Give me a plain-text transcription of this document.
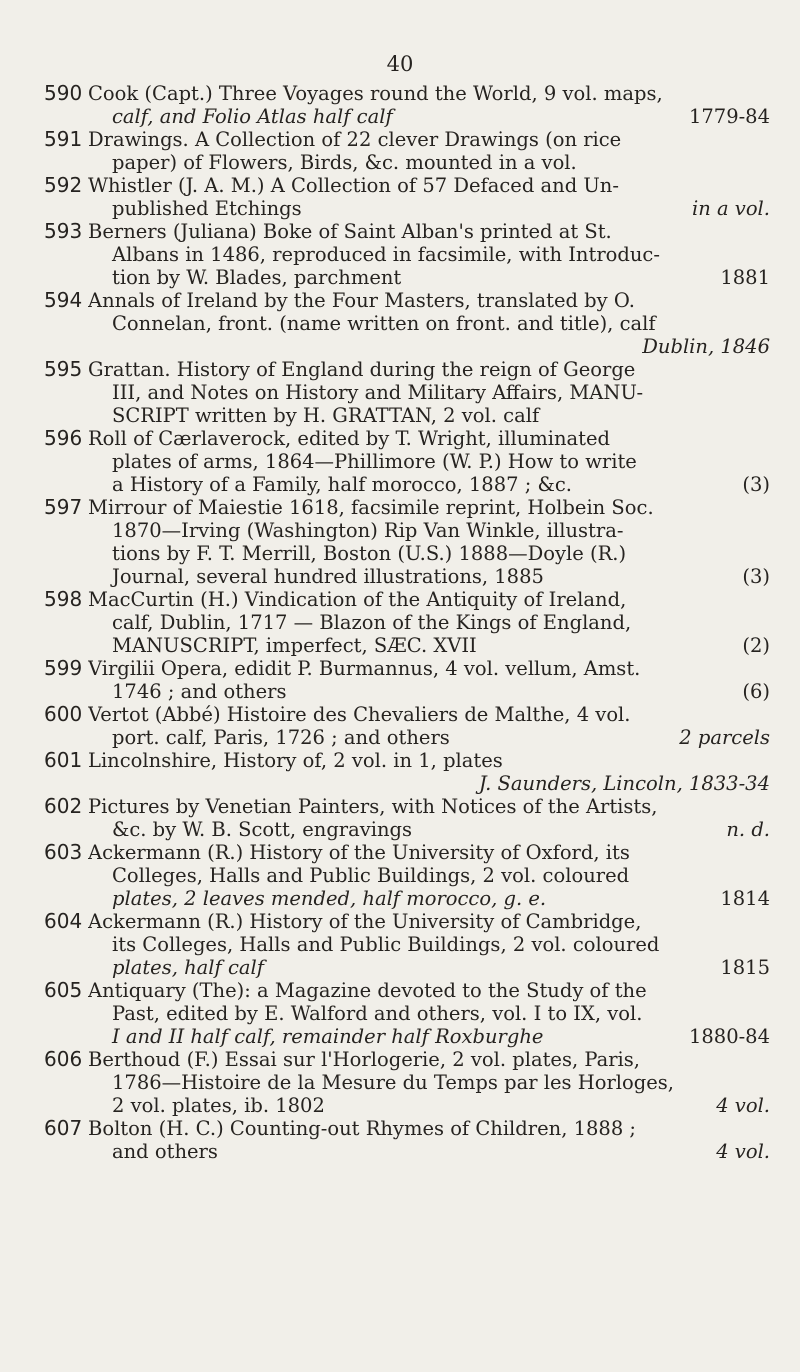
40
590 Cook (Capt.) Three Voyages round the World, 9 vol. maps,
calf, and Folio Atlas half calf	1779-84
591 Drawings. A Collection of 22 clever Drawings (on rice
paper) of Flowers, Birds, &c. mounted in a vol.
592 Whistler (J. A. M.) A Collection of 57 Defaced and Un-
published Etchings	in a vol.
593 Berners (Juliana) Boke of Saint Alban's printed at St.
Albans in 1486, reproduced in facsimile, with Introduc-
tion by W. Blades, parchment	1881
594 Annals of Ireland by the Four Masters, translated by O.
Connelan, front. (name written on front. and title), calf
Dublin, 1846
595 Grattan. History of England during the reign of George
III, and Notes on History and Military Affairs, MANU-
SCRIPT written by H. GRATTAN, 2 vol. calf
596 Roll of Cærlaverock, edited by T. Wright, illuminated
plates of arms, 1864—Phillimore (W. P.) How to write
a History of a Family, half morocco, 1887 ; &c.	(3)
597 Mirrour of Maiestie 1618, facsimile reprint, Holbein Soc.
1870—Irving (Washington) Rip Van Winkle, illustra-
tions by F. T. Merrill, Boston (U.S.) 1888—Doyle (R.)
Journal, several hundred illustrations, 1885	(3)
598 MacCurtin (H.) Vindication of the Antiquity of Ireland,
calf, Dublin, 1717 — Blazon of the Kings of England,
MANUSCRIPT, imperfect, SÆC. XVII	(2)
599 Virgilii Opera, edidit P. Burmannus, 4 vol. vellum, Amst.
1746 ; and others	(6)
600 Vertot (Abbé) Histoire des Chevaliers de Malthe, 4 vol.
port. calf, Paris, 1726 ; and others	2 parcels
601 Lincolnshire, History of, 2 vol. in 1, plates
J. Saunders, Lincoln, 1833-34
602 Pictures by Venetian Painters, with Notices of the Artists,
&c. by W. B. Scott, engravings	n. d.
603 Ackermann (R.) History of the University of Oxford, its
Colleges, Halls and Public Buildings, 2 vol. coloured
plates, 2 leaves mended, half morocco, g. e.	1814
604 Ackermann (R.) History of the University of Cambridge,
its Colleges, Halls and Public Buildings, 2 vol. coloured
plates, half calf	1815
605 Antiquary (The): a Magazine devoted to the Study of the
Past, edited by E. Walford and others, vol. I to IX, vol.
I and II half calf, remainder half Roxburghe	1880-84
606 Berthoud (F.) Essai sur l'Horlogerie, 2 vol. plates, Paris,
1786—Histoire de la Mesure du Temps par les Horloges,
2 vol. plates, ib. 1802	4 vol.
607 Bolton (H. C.) Counting-out Rhymes of Children, 1888 ;
and others	4 vol.
